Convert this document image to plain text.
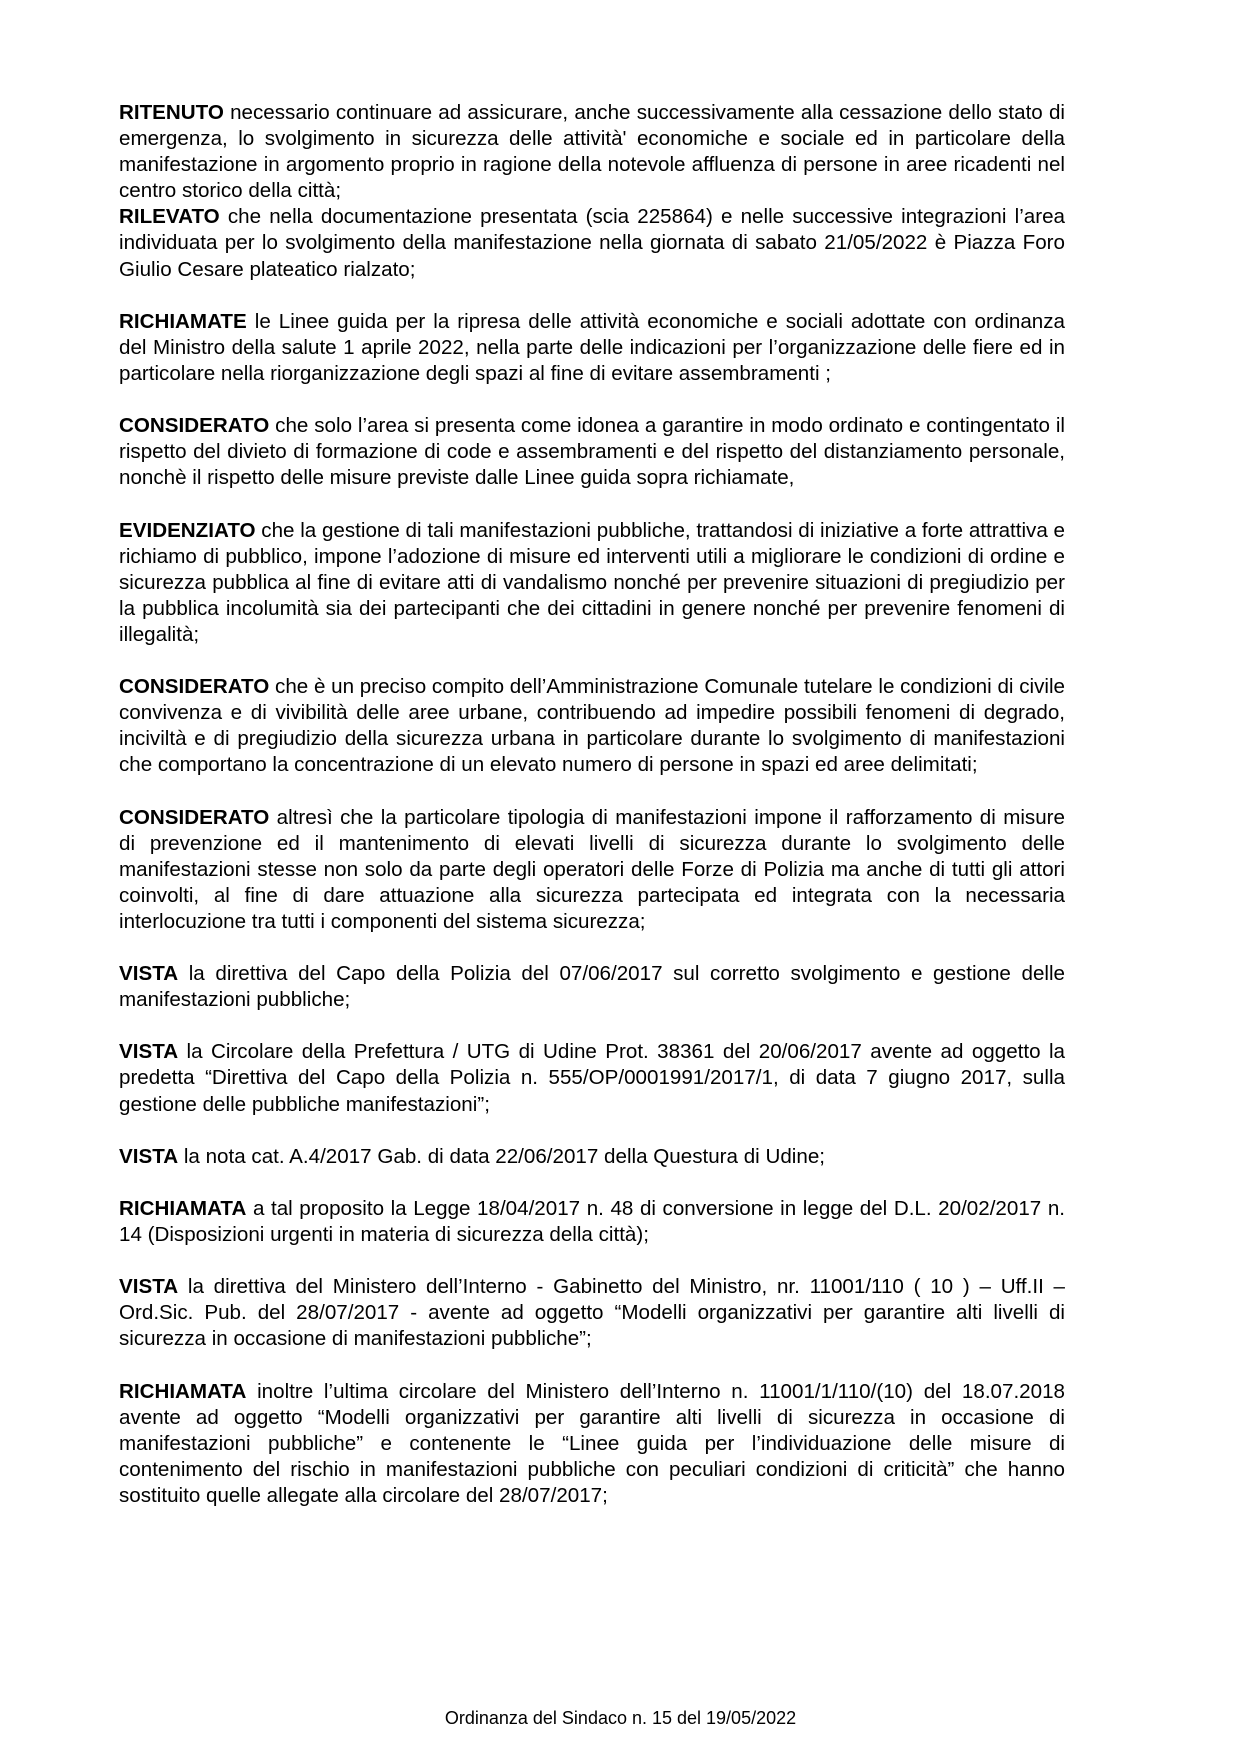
RITENUTO necessario continuare ad assicurare, anche successivamente alla cessazione dello stato di emergenza, lo svolgimento in sicurezza delle attività' economiche e sociale ed in particolare della manifestazione in argomento proprio in ragione della notevole affluenza di persone in aree ricadenti nel centro storico della città;

RILEVATO che nella documentazione presentata (scia 225864) e nelle successive integrazioni l’area individuata per lo svolgimento della manifestazione nella giornata di sabato 21/05/2022 è Piazza Foro Giulio Cesare plateatico rialzato;

RICHIAMATE le Linee guida per la ripresa delle attività economiche e sociali adottate con ordinanza del Ministro della salute 1 aprile 2022, nella parte delle indicazioni per l’organizzazione delle fiere ed in particolare nella riorganizzazione degli spazi al fine di evitare assembramenti ;

CONSIDERATO che solo l’area si presenta come idonea a garantire in modo ordinato e contingentato il rispetto del divieto di formazione di code e assembramenti e del rispetto del distanziamento personale, nonchè il rispetto delle misure previste dalle Linee guida sopra richiamate,

EVIDENZIATO che la gestione di tali manifestazioni pubbliche, trattandosi di iniziative a forte attrattiva e richiamo di pubblico, impone l’adozione di misure ed interventi utili a migliorare le condizioni di ordine e sicurezza pubblica al fine di evitare atti di vandalismo nonché per prevenire situazioni di pregiudizio per la pubblica incolumità sia dei partecipanti che dei cittadini in genere nonché per prevenire fenomeni di illegalità;

CONSIDERATO che è un preciso compito dell’Amministrazione Comunale tutelare le condizioni di civile convivenza e di vivibilità delle aree urbane, contribuendo ad impedire possibili fenomeni di degrado, inciviltà e di pregiudizio della sicurezza urbana in particolare durante lo svolgimento di manifestazioni che comportano la concentrazione di un elevato numero di persone in spazi ed aree delimitati;

CONSIDERATO altresì che la particolare tipologia di manifestazioni impone il rafforzamento di misure di prevenzione ed il mantenimento di elevati livelli di sicurezza durante lo svolgimento delle manifestazioni stesse non solo da parte degli operatori delle Forze di Polizia ma anche di tutti gli attori coinvolti, al fine di dare attuazione alla sicurezza partecipata ed integrata con la necessaria interlocuzione tra tutti i componenti del sistema sicurezza;

VISTA la direttiva del Capo della Polizia del 07/06/2017 sul corretto svolgimento e gestione delle manifestazioni pubbliche;

VISTA la Circolare della Prefettura / UTG di Udine Prot. 38361 del 20/06/2017 avente ad oggetto la predetta “Direttiva del Capo della Polizia n. 555/OP/0001991/2017/1, di data 7 giugno 2017, sulla gestione delle pubbliche manifestazioni”;

VISTA la nota cat. A.4/2017 Gab. di data 22/06/2017 della Questura di Udine;

RICHIAMATA a tal proposito la Legge 18/04/2017 n. 48 di conversione in legge del D.L. 20/02/2017 n. 14 (Disposizioni urgenti in materia di sicurezza della città);

VISTA la direttiva del Ministero dell’Interno - Gabinetto del Ministro, nr. 11001/110 ( 10 ) – Uff.II – Ord.Sic. Pub. del 28/07/2017 - avente ad oggetto “Modelli organizzativi per garantire alti livelli di sicurezza in occasione di manifestazioni pubbliche”;

RICHIAMATA inoltre l’ultima circolare del Ministero dell’Interno n. 11001/1/110/(10) del 18.07.2018 avente ad oggetto “Modelli organizzativi per garantire alti livelli di sicurezza in occasione di manifestazioni pubbliche” e contenente le “Linee guida per l’individuazione delle misure di contenimento del rischio in manifestazioni pubbliche con peculiari condizioni di criticità” che hanno sostituito quelle allegate alla circolare del 28/07/2017;

Ordinanza del Sindaco n. 15 del 19/05/2022
